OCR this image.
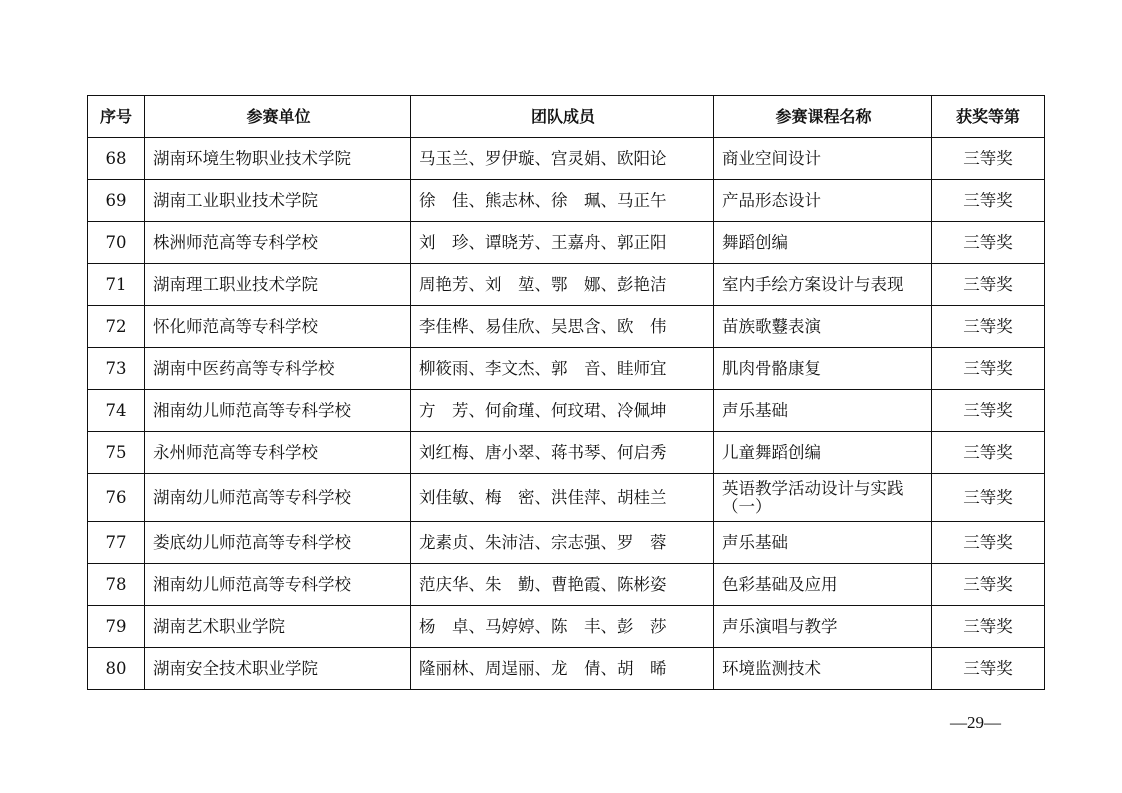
序号	参赛单位	团队成员	参赛课程名称	获奖等第
68	湖南环境生物职业技术学院	马玉兰、罗伊璇、宫灵娟、欧阳论	商业空间设计	三等奖
69	湖南工业职业技术学院	徐　佳、熊志林、徐　珮、马正午	产品形态设计	三等奖
70	株洲师范高等专科学校	刘　珍、谭晓芳、王嘉舟、郭正阳	舞蹈创编	三等奖
71	湖南理工职业技术学院	周艳芳、刘　堃、鄂　娜、彭艳洁	室内手绘方案设计与表现	三等奖
72	怀化师范高等专科学校	李佳桦、易佳欣、吴思含、欧　伟	苗族歌鼟表演	三等奖
73	湖南中医药高等专科学校	柳筱雨、李文杰、郭　音、眭师宜	肌肉骨骼康复	三等奖
74	湘南幼儿师范高等专科学校	方　芳、何俞瑾、何玟珺、冷佩坤	声乐基础	三等奖
75	永州师范高等专科学校	刘红梅、唐小翠、蒋书琴、何启秀	儿童舞蹈创编	三等奖
76	湖南幼儿师范高等专科学校	刘佳敏、梅　密、洪佳萍、胡桂兰	英语教学活动设计与实践（一）	三等奖
77	娄底幼儿师范高等专科学校	龙素贞、朱沛洁、宗志强、罗　蓉	声乐基础	三等奖
78	湘南幼儿师范高等专科学校	范庆华、朱　勤、曹艳霞、陈彬姿	色彩基础及应用	三等奖
79	湖南艺术职业学院	杨　卓、马婷婷、陈　丰、彭　莎	声乐演唱与教学	三等奖
80	湖南安全技术职业学院	隆丽林、周逞丽、龙　倩、胡　晞	环境监测技术	三等奖
—29—
